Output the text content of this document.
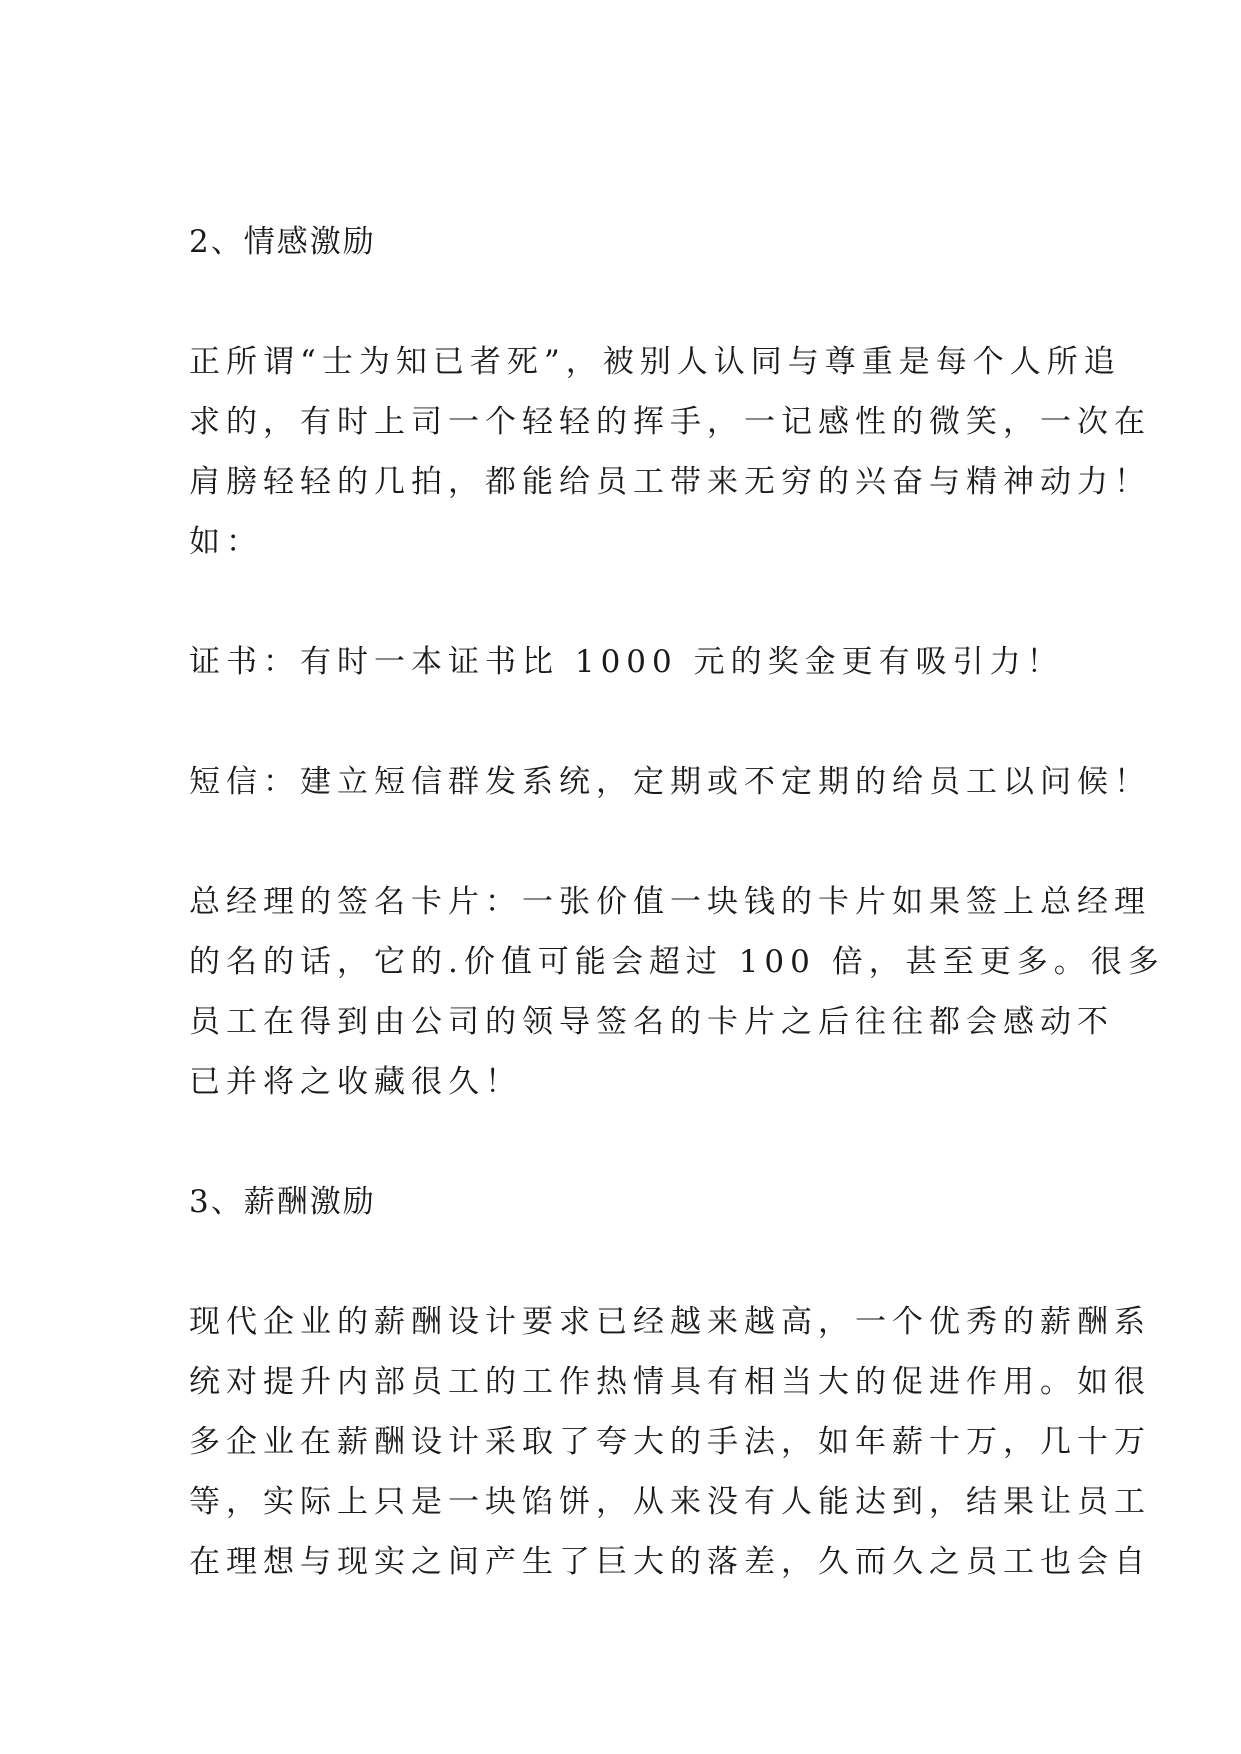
2、情感激励
正所谓“士为知已者死”，被别人认同与尊重是每个人所追
求的，有时上司一个轻轻的挥手，一记感性的微笑，一次在
肩膀轻轻的几拍，都能给员工带来无穷的兴奋与精神动力！
如：
证书：有时一本证书比 1000 元的奖金更有吸引力！
短信：建立短信群发系统，定期或不定期的给员工以问候！
总经理的签名卡片：一张价值一块钱的卡片如果签上总经理
的名的话，它的.价值可能会超过 100 倍，甚至更多。很多
员工在得到由公司的领导签名的卡片之后往往都会感动不
已并将之收藏很久！
3、薪酬激励
现代企业的薪酬设计要求已经越来越高，一个优秀的薪酬系
统对提升内部员工的工作热情具有相当大的促进作用。如很
多企业在薪酬设计采取了夸大的手法，如年薪十万，几十万
等，实际上只是一块馅饼，从来没有人能达到，结果让员工
在理想与现实之间产生了巨大的落差，久而久之员工也会自
